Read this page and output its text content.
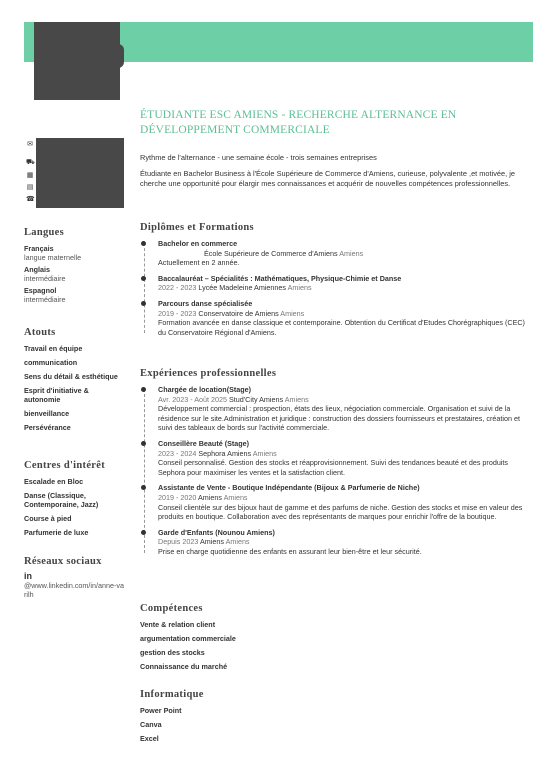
ÉTUDIANTE ESC AMIENS - RECHERCHE ALTERNANCE EN DÉVELOPPEMENT COMMERCIALE
✉
⛟
▦
▤
☎

Rythme de l'alternance - une semaine école - trois semaines entreprises

Étudiante en Bachelor Business à l'École Supérieure de Commerce d'Amiens, curieuse, polyvalente ,et motivée, je cherche une opportunité pour élargir mes connaissances et acquérir de nouvelles compétences professionnelles.

Langues
Français
langue maternelle
Anglais
intermédiaire
Espagnol
intermédiaire
Atouts
Travail en équipe
communication
Sens du détail & esthétique
Esprit d'initiative & autonomie
bienveillance
Persévérance
Centres d'intérêt
Escalade en Bloc
Danse (Classique, Contemporaine, Jazz)
Course à pied
Parfumerie de luxe
Réseaux sociaux
in
@www.linkedin.com/in/anne-varilh
Diplômes et Formations
Bachelor en commerce
École Supérieure de Commerce d'Amiens Amiens
Actuellement en 2 année.
Baccalauréat – Spécialités : Mathématiques, Physique-Chimie et Danse
2022 - 2023 Lycée Madeleine Amiennes Amiens
Parcours danse spécialisée
2019 - 2023 Conservatoire de Amiens Amiens
Formation avancée en danse classique et contemporaine. Obtention du Certificat d'Etudes Chorégraphiques (CEC) du Conservatoire Régional d'Amiens.
Expériences professionnelles
Chargée de location(Stage)
Avr. 2023 - Août 2025 Stud'City Amiens Amiens
Développement commercial : prospection, états des lieux, négociation commerciale. Organisation et suivi de la résidence sur le site.Administration et juridique : construction des dossiers fournisseurs et prestataires, création et suivi des tableaux de bords sur l'activité commerciale.
Conseillère Beauté (Stage)
2023 - 2024 Sephora Amiens Amiens
Conseil personnalisé. Gestion des stocks et réapprovisionnement. Suivi des tendances beauté et des produits Sephora pour maximiser les ventes et la satisfaction client.
Assistante de Vente - Boutique Indépendante (Bijoux & Parfumerie de Niche)
2019 - 2020 Amiens Amiens
Conseil clientèle sur des bijoux haut de gamme et des parfums de niche. Gestion des stocks et mise en valeur des produits en boutique. Collaboration avec des représentants de marques pour enrichir l'offre de la boutique.
Garde d'Enfants (Nounou Amiens)
Depuis 2023 Amiens Amiens
Prise en charge quotidienne des enfants en assurant leur bien-être et leur sécurité.
Compétences
Vente & relation client
argumentation commerciale
gestion des stocks
Connaissance du marché
Informatique
Power Point
Canva
Excel
